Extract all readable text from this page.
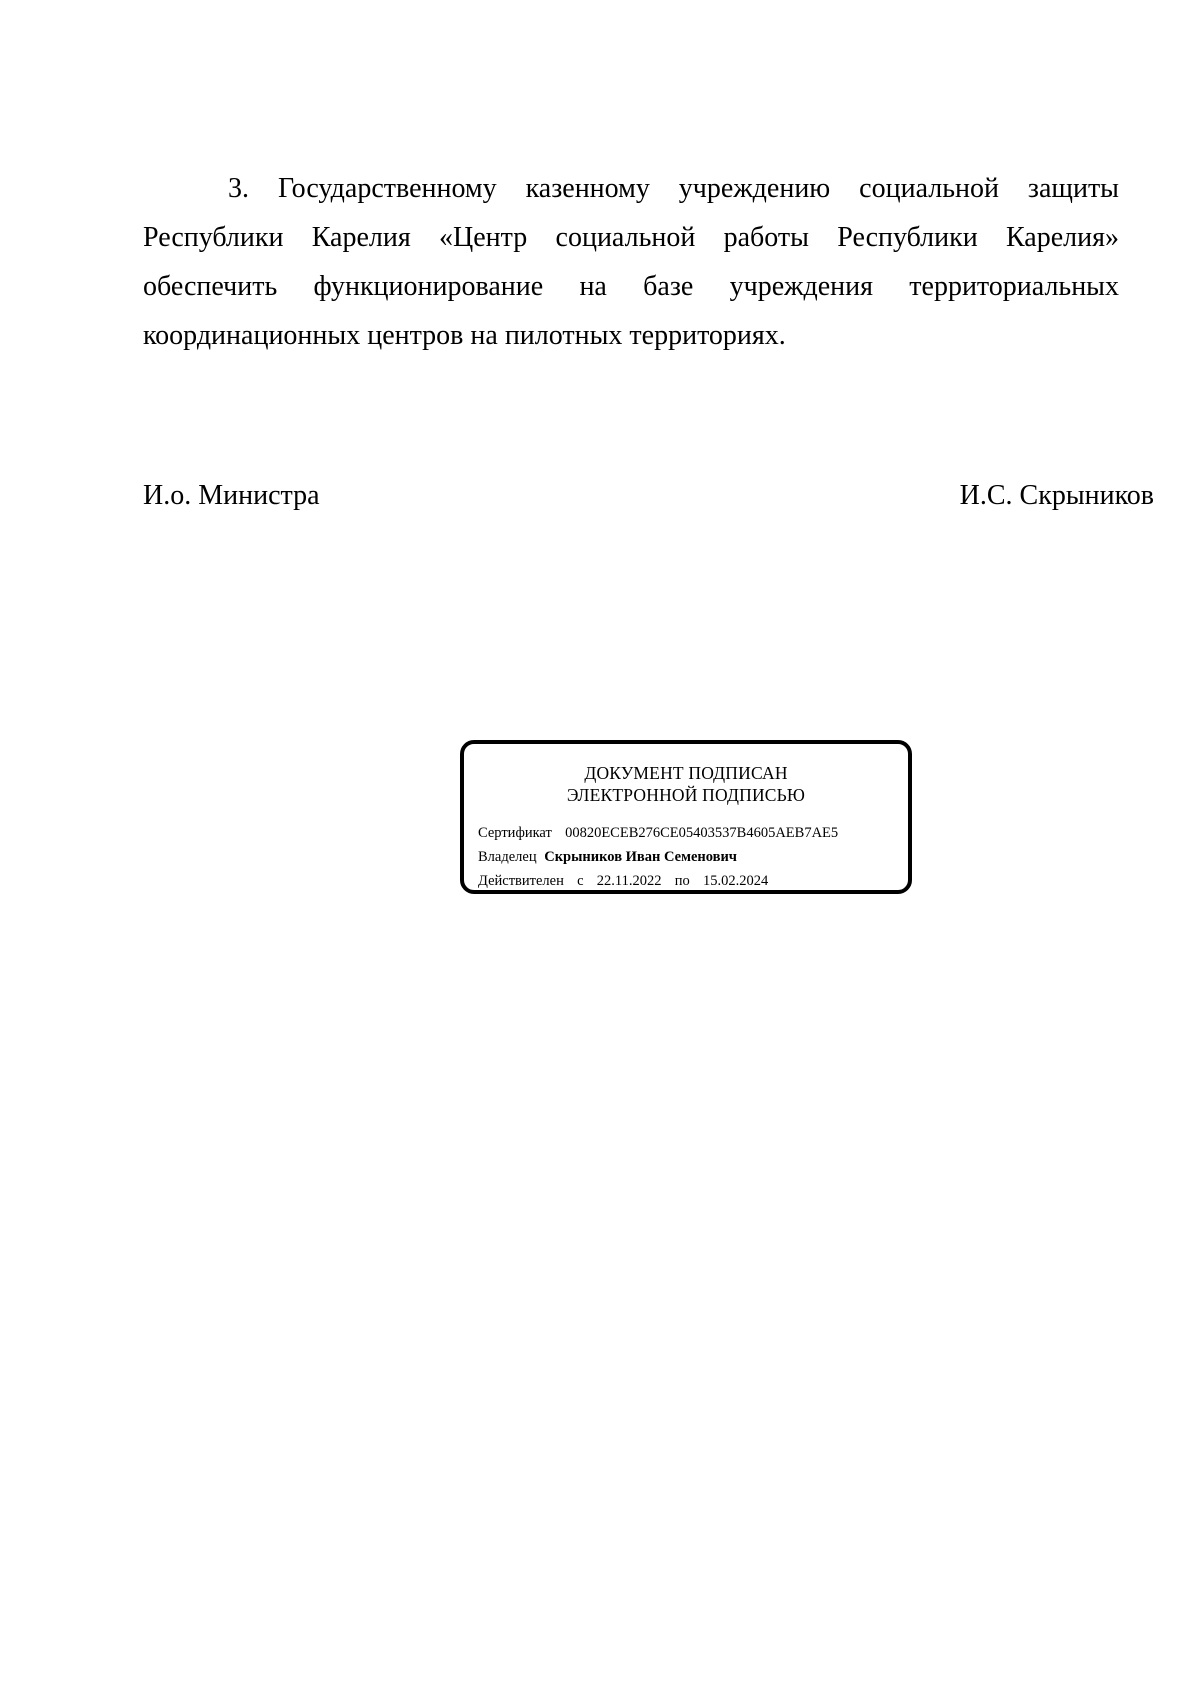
3. Государственному казенному учреждению социальной защиты Республики Карелия «Центр социальной работы Республики Карелия» обеспечить функционирование на базе учреждения территориальных координационных центров на пилотных территориях.

И.о. Министра	И.С. Скрыников
ДОКУМЕНТ ПОДПИСАН
ЭЛЕКТРОННОЙ ПОДПИСЬЮ
Сертификат 00820ECEB276CE05403537B4605AEB7AE5
Владелец Скрыников Иван Семенович
Действителен с 22.11.2022 по 15.02.2024
